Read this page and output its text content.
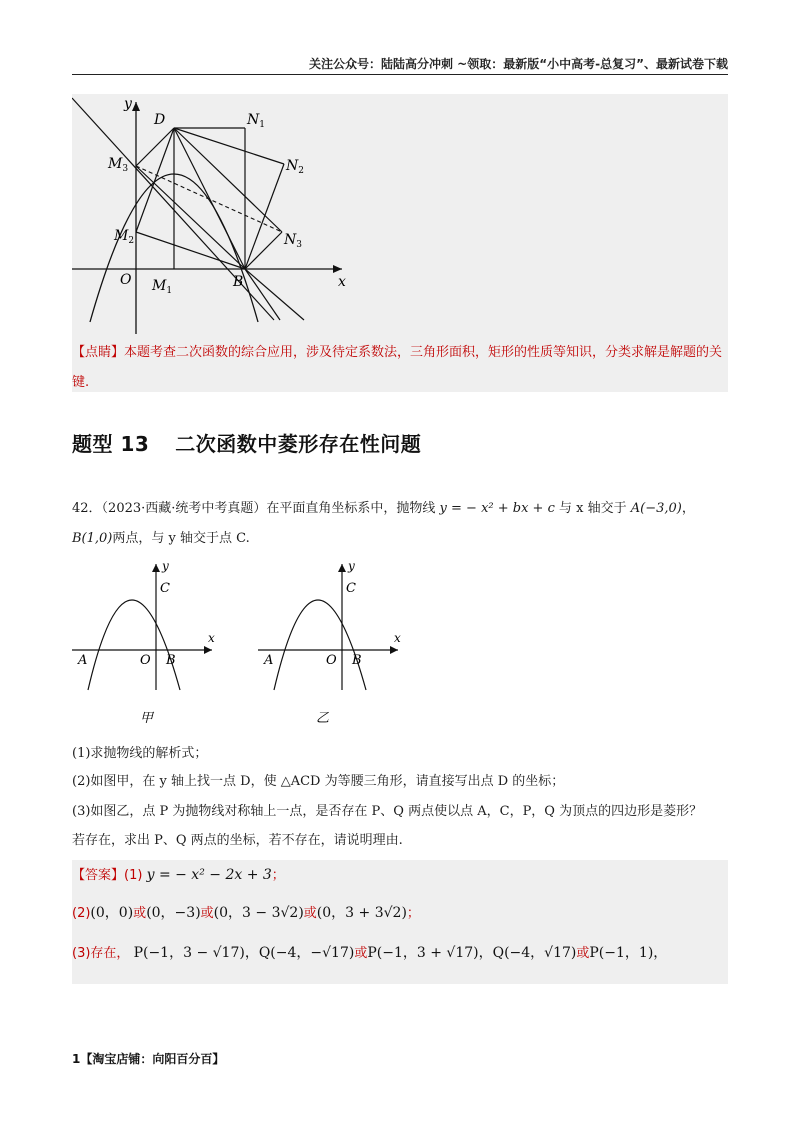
关注公众号：陆陆高分冲刺 ~领取：最新版“小中高考-总复习”、最新试卷下载
y
x
D	$N_1$
$M_3$	$N_2$
$M_2$	$N_3$
O $M_1$
B
【点睛】本题考查二次函数的综合应用，涉及待定系数法，三角形面积，矩形的性质等知识，分类求解是解题的关键.
题型 13 二次函数中菱形存在性问题
42．（2023·西藏·统考中考真题）在平面直角坐标系中，抛物线 y = − x² + bx + c 与 x 轴交于 A(−3,0)，
B(1,0)两点，与 y 轴交于点 C.
y
C
x
A	O B
甲
y
C
x
A	O B
乙
(1)求抛物线的解析式；
(2)如图甲，在 y 轴上找一点 D，使 △ACD 为等腰三角形，请直接写出点 D 的坐标；
(3)如图乙，点 P 为抛物线对称轴上一点，是否存在 P、Q 两点使以点 A，C，P，Q 为顶点的四边形是菱形？
若存在，求出 P、Q 两点的坐标，若不存在，请说明理由.
【答案】(1) y = − x² − 2x + 3；
(2)(0，0)或(0，−3)或(0，3 − 3√2)或(0，3 + 3√2)；
(3)存在， P(−1，3 − √17)，Q(−4，−√17)或P(−1，3 + √17)，Q(−4，√17)或P(−1，1)，
1【淘宝店铺：向阳百分百】
